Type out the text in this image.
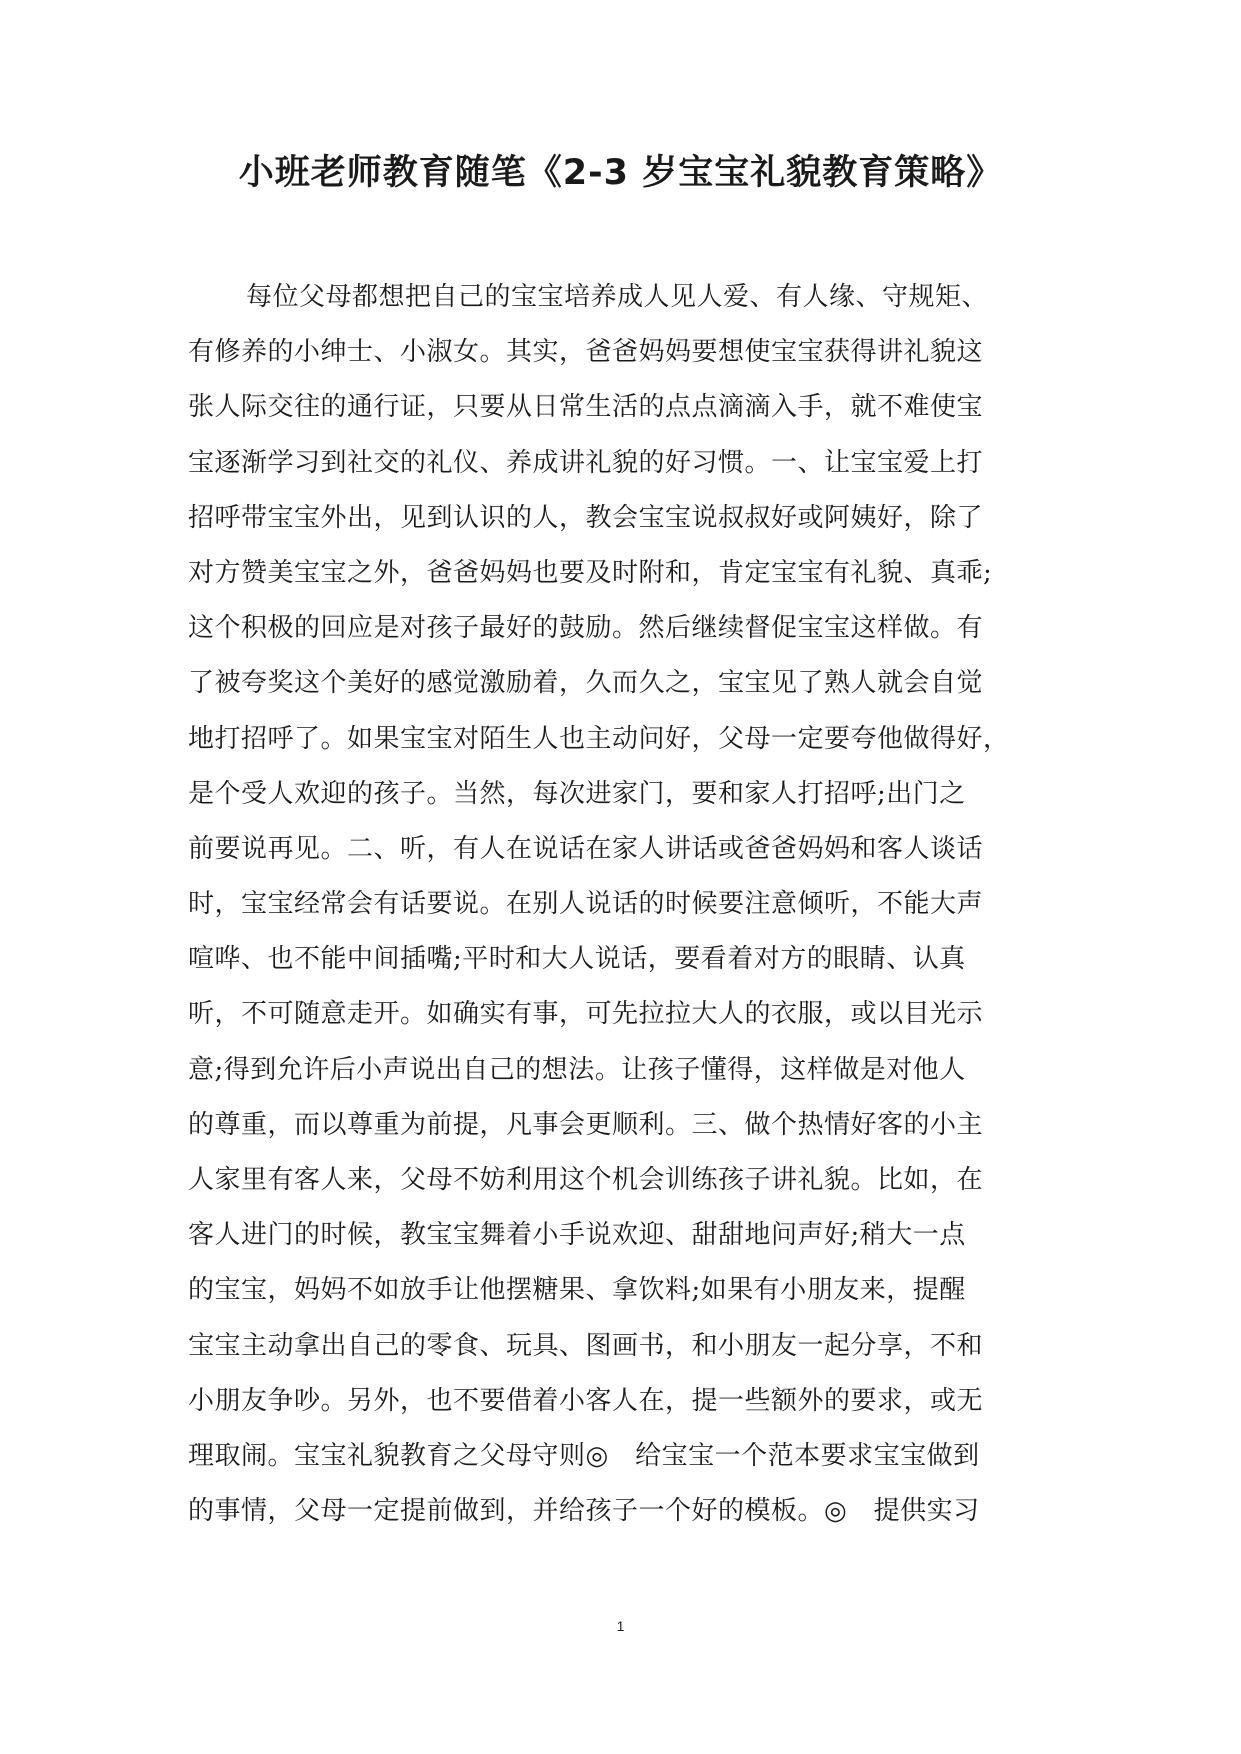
小班老师教育随笔《2-3 岁宝宝礼貌教育策略》
每位父母都想把自己的宝宝培养成人见人爱、有人缘、守规矩、
有修养的小绅士、小淑女。其实，爸爸妈妈要想使宝宝获得讲礼貌这
张人际交往的通行证，只要从日常生活的点点滴滴入手，就不难使宝
宝逐渐学习到社交的礼仪、养成讲礼貌的好习惯。一、让宝宝爱上打
招呼带宝宝外出，见到认识的人，教会宝宝说叔叔好或阿姨好，除了
对方赞美宝宝之外，爸爸妈妈也要及时附和，肯定宝宝有礼貌、真乖;
这个积极的回应是对孩子最好的鼓励。然后继续督促宝宝这样做。有
了被夸奖这个美好的感觉激励着，久而久之，宝宝见了熟人就会自觉
地打招呼了。如果宝宝对陌生人也主动问好，父母一定要夸他做得好，
是个受人欢迎的孩子。当然，每次进家门，要和家人打招呼;出门之
前要说再见。二、听，有人在说话在家人讲话或爸爸妈妈和客人谈话
时，宝宝经常会有话要说。在别人说话的时候要注意倾听，不能大声
喧哗、也不能中间插嘴;平时和大人说话，要看着对方的眼睛、认真
听，不可随意走开。如确实有事，可先拉拉大人的衣服，或以目光示
意;得到允许后小声说出自己的想法。让孩子懂得，这样做是对他人
的尊重，而以尊重为前提，凡事会更顺利。三、做个热情好客的小主
人家里有客人来，父母不妨利用这个机会训练孩子讲礼貌。比如，在
客人进门的时候，教宝宝舞着小手说欢迎、甜甜地问声好;稍大一点
的宝宝，妈妈不如放手让他摆糖果、拿饮料;如果有小朋友来，提醒
宝宝主动拿出自己的零食、玩具、图画书，和小朋友一起分享，不和
小朋友争吵。另外，也不要借着小客人在，提一些额外的要求，或无
理取闹。宝宝礼貌教育之父母守则◎　给宝宝一个范本要求宝宝做到
的事情，父母一定提前做到，并给孩子一个好的模板。◎　提供实习
1
